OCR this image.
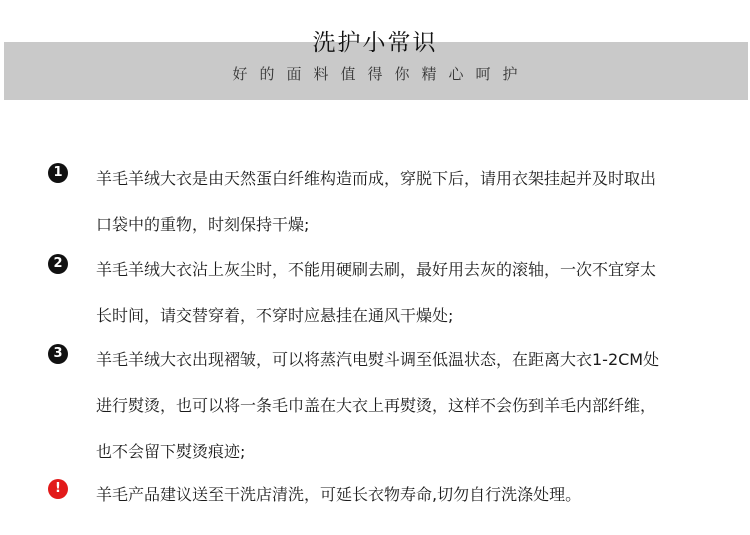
洗护小常识
好的面料值得你精心呵护
1	羊毛羊绒大衣是由天然蛋白纤维构造而成，穿脱下后，请用衣架挂起并及时取出
口袋中的重物，时刻保持干燥;
2	羊毛羊绒大衣沾上灰尘时，不能用硬刷去刷，最好用去灰的滚轴，一次不宜穿太
长时间，请交替穿着，不穿时应悬挂在通风干燥处;
3	羊毛羊绒大衣出现褶皱，可以将蒸汽电熨斗调至低温状态，在距离大衣1-2CM处
进行熨烫，也可以将一条毛巾盖在大衣上再熨烫，这样不会伤到羊毛内部纤维，
也不会留下熨烫痕迹;
!	羊毛产品建议送至干洗店清洗，可延长衣物寿命,切勿自行洗涤处理。
